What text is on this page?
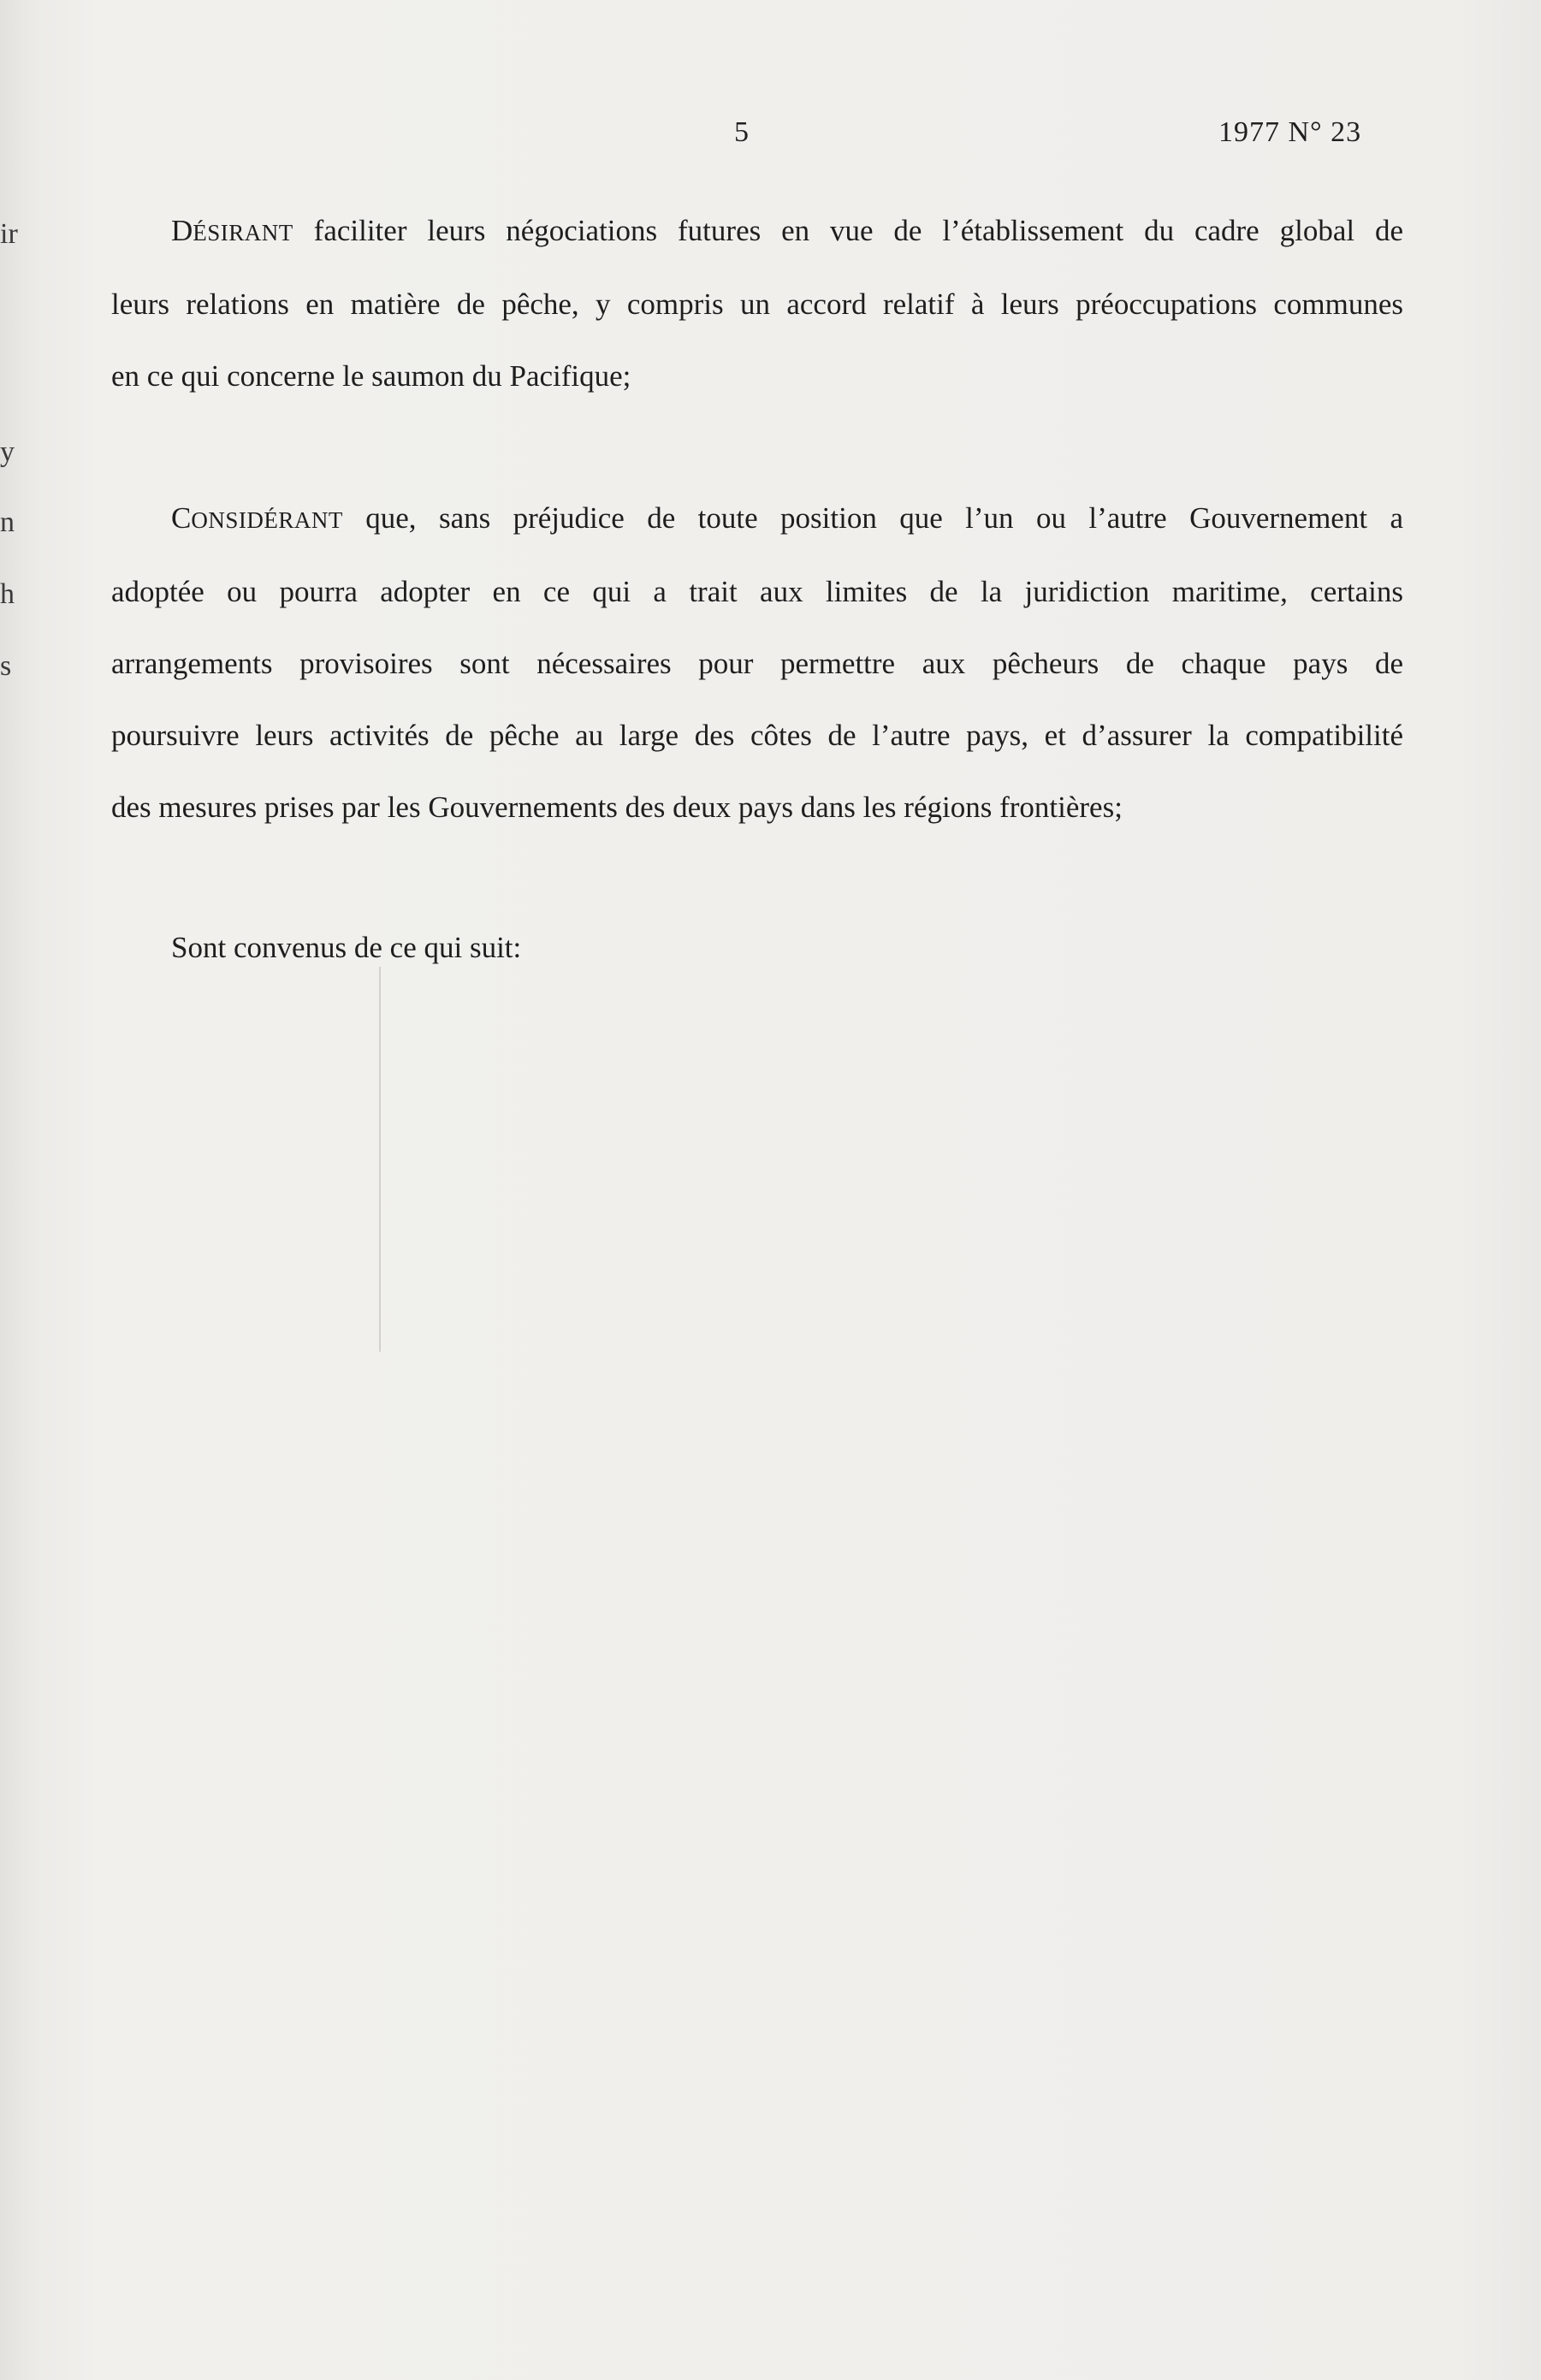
ir
y
n
h
s
5	1977 N° 23
DÉSIRANT faciliter leurs négociations futures en vue de l’établissement du cadre global de
leurs relations en matière de pêche, y compris un accord relatif à leurs préoccupations communes
en ce qui concerne le saumon du Pacifique;
CONSIDÉRANT que, sans préjudice de toute position que l’un ou l’autre Gouvernement a
adoptée ou pourra adopter en ce qui a trait aux limites de la juridiction maritime, certains
arrangements provisoires sont nécessaires pour permettre aux pêcheurs de chaque pays de
poursuivre leurs activités de pêche au large des côtes de l’autre pays, et d’assurer la compatibilité
des mesures prises par les Gouvernements des deux pays dans les régions frontières;
Sont convenus de ce qui suit:
